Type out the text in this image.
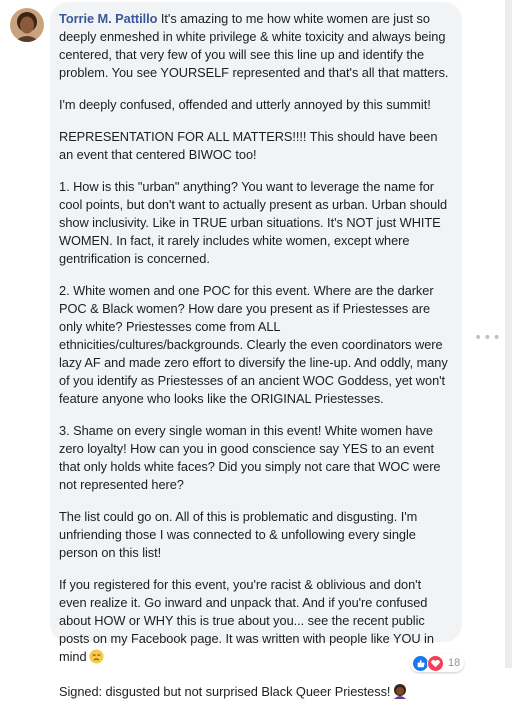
Torrie M. Pattillo It's amazing to me how white women are just so deeply enmeshed in white privilege & white toxicity and always being centered, that very few of you will see this line up and identify the problem. You see YOURSELF represented and that's all that matters.

I'm deeply confused, offended and utterly annoyed by this summit!

REPRESENTATION FOR ALL MATTERS!!!! This should have been an event that centered BIWOC too!

1. How is this "urban" anything? You want to leverage the name for cool points, but don't want to actually present as urban. Urban should show inclusivity. Like in TRUE urban situations. It's NOT just WHITE WOMEN. In fact, it rarely includes white women, except where gentrification is concerned.

2. White women and one POC for this event. Where are the darker POC & Black women? How dare you present as if Priestesses are only white? Priestesses come from ALL ethnicities/cultures/backgrounds. Clearly the even coordinators were lazy AF and made zero effort to diversify the line-up. And oddly, many of you identify as Priestesses of an ancient WOC Goddess, yet won't feature anyone who looks like the ORIGINAL Priestesses.

3. Shame on every single woman in this event! White women have zero loyalty! How can you in good conscience say YES to an event that only holds white faces? Did you simply not care that WOC were not represented here?

The list could go on. All of this is problematic and disgusting. I'm unfriending those I was connected to & unfollowing every single person on this list!

If you registered for this event, you're racist & oblivious and don't even realize it. Go inward and unpack that. And if you're confused about HOW or WHY this is true about you... see the recent public posts on my Facebook page. It was written with people like YOU in mind

Signed: disgusted but not surprised Black Queer Priestess!

•••
18
